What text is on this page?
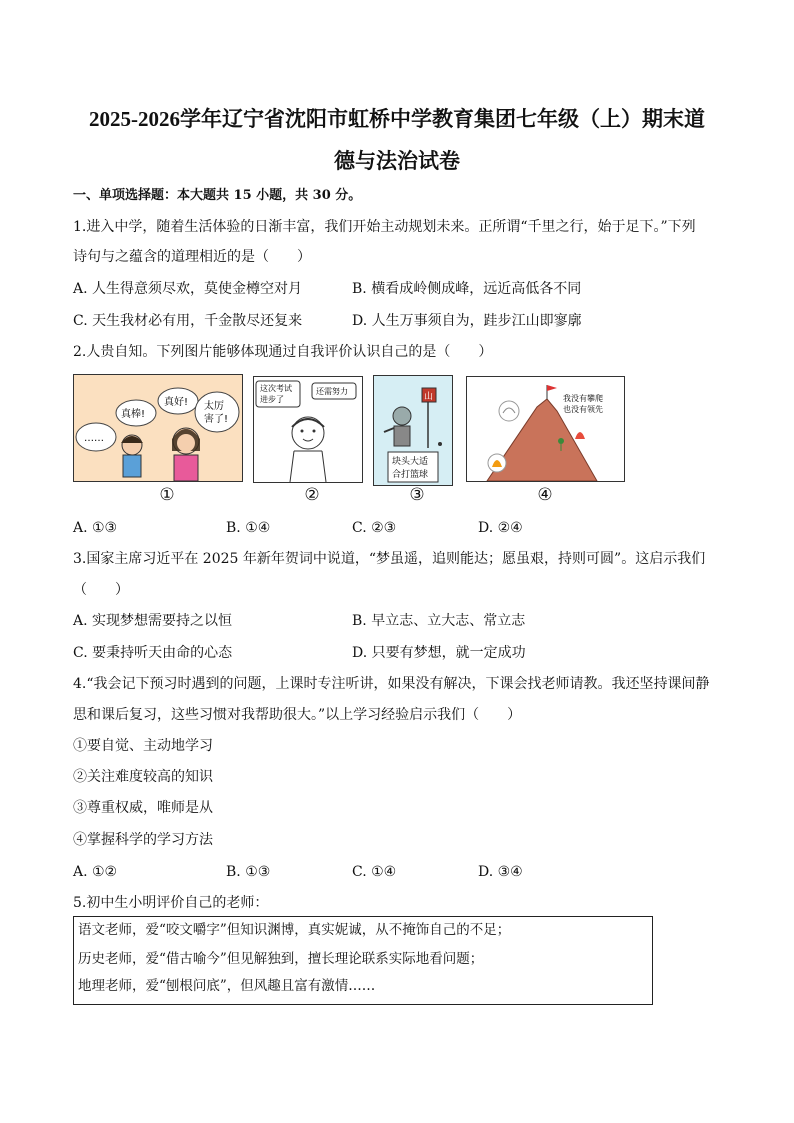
2025-2026学年辽宁省沈阳市虹桥中学教育集团七年级（上）期末道
德与法治试卷
一、单项选择题：本大题共 15 小题，共 30 分。
1.进入中学，随着生活体验的日渐丰富，我们开始主动规划未来。正所谓“千里之行，始于足下。”下列
诗句与之蕴含的道理相近的是（　　）
A. 人生得意须尽欢，莫使金樽空对月	B. 横看成岭侧成峰，远近高低各不同
C. 天生我材必有用，千金散尽还复来	D. 人生万事须自为，跬步江山即寥廓
2.人贵自知。下列图片能够体现通过自我评价认识自己的是（　　）
……
真棒!
真好! 太厉
害了!
①
这次考试
进步了
还需努力
②
山
块头大适
合打篮球
③
我没有攀爬
也没有领先
④
A. ①③	B. ①④	C. ②③	D. ②④
3.国家主席习近平在 2025 年新年贺词中说道，“梦虽遥，追则能达；愿虽艰，持则可圆”。这启示我们
（　　）
A. 实现梦想需要持之以恒	B. 早立志、立大志、常立志
C. 要秉持听天由命的心态	D. 只要有梦想，就一定成功
4.“我会记下预习时遇到的问题，上课时专注听讲，如果没有解决，下课会找老师请教。我还坚持课间静
思和课后复习，这些习惯对我帮助很大。”以上学习经验启示我们（　　）
①要自觉、主动地学习
②关注难度较高的知识
③尊重权威，唯师是从
④掌握科学的学习方法
A. ①②	B. ①③	C. ①④	D. ③④
5.初中生小明评价自己的老师：
语文老师，爱“咬文嚼字”但知识渊博，真实妮诚，从不掩饰自己的不足；
历史老师，爱“借古喻今”但见解独到，擅长理论联系实际地看问题；
地理老师，爱“刨根问底”，但风趣且富有激情……
